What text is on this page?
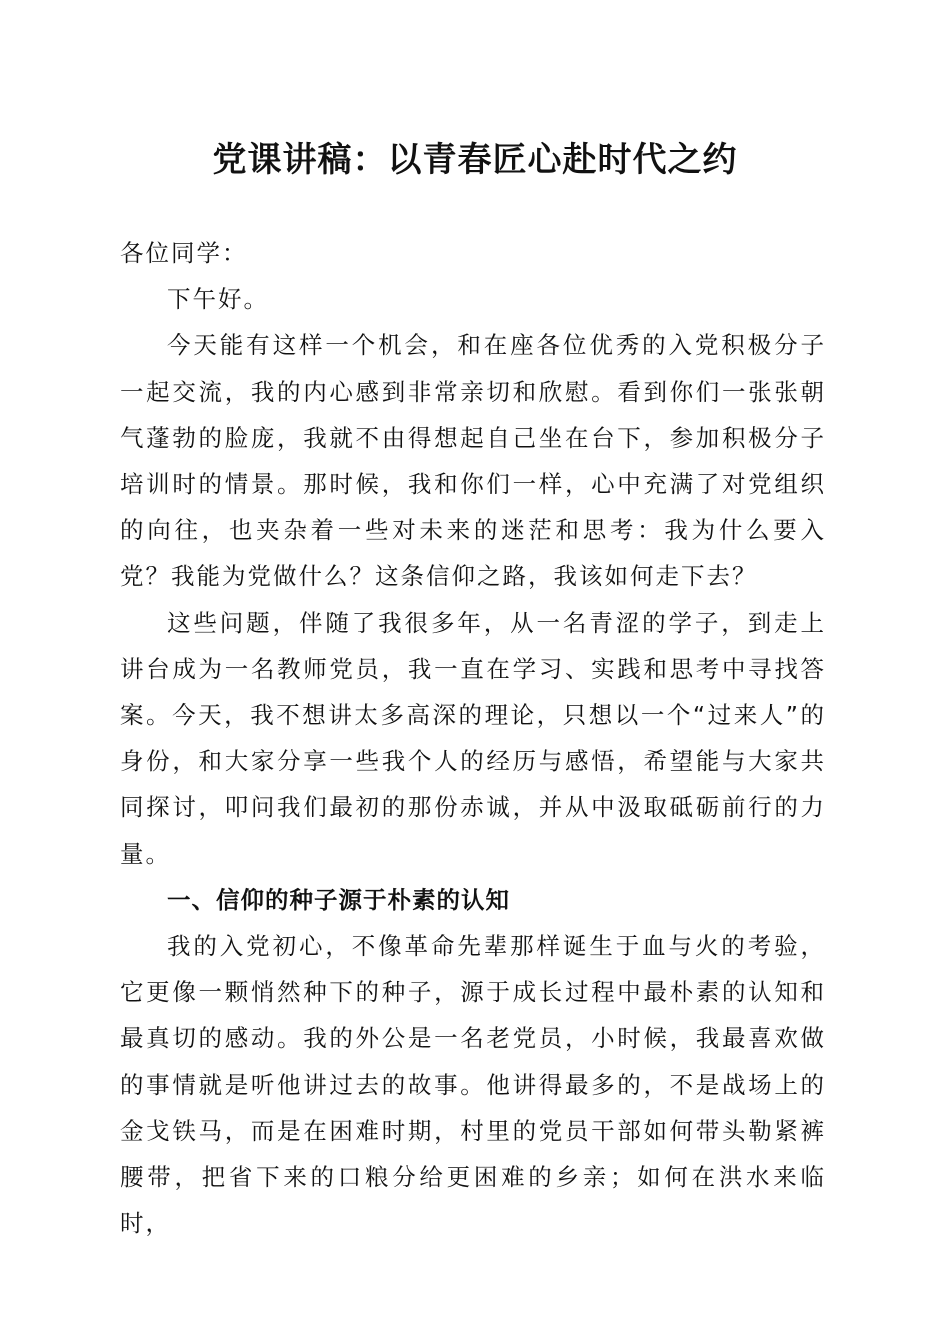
党课讲稿：以青春匠心赴时代之约

各位同学：

下午好。

今天能有这样一个机会，和在座各位优秀的入党积极分子一起交流，我的内心感到非常亲切和欣慰。看到你们一张张朝气蓬勃的脸庞，我就不由得想起自己坐在台下，参加积极分子培训时的情景。那时候，我和你们一样，心中充满了对党组织的向往，也夹杂着一些对未来的迷茫和思考：我为什么要入党？我能为党做什么？这条信仰之路，我该如何走下去？

这些问题，伴随了我很多年，从一名青涩的学子，到走上讲台成为一名教师党员，我一直在学习、实践和思考中寻找答案。今天，我不想讲太多高深的理论，只想以一个“过来人”的身份，和大家分享一些我个人的经历与感悟，希望能与大家共同探讨，叩问我们最初的那份赤诚，并从中汲取砥砺前行的力量。

一、信仰的种子源于朴素的认知

我的入党初心，不像革命先辈那样诞生于血与火的考验，它更像一颗悄然种下的种子，源于成长过程中最朴素的认知和最真切的感动。我的外公是一名老党员，小时候，我最喜欢做的事情就是听他讲过去的故事。他讲得最多的，不是战场上的金戈铁马，而是在困难时期，村里的党员干部如何带头勒紧裤腰带，把省下来的口粮分给更困难的乡亲；如何在洪水来临时，
